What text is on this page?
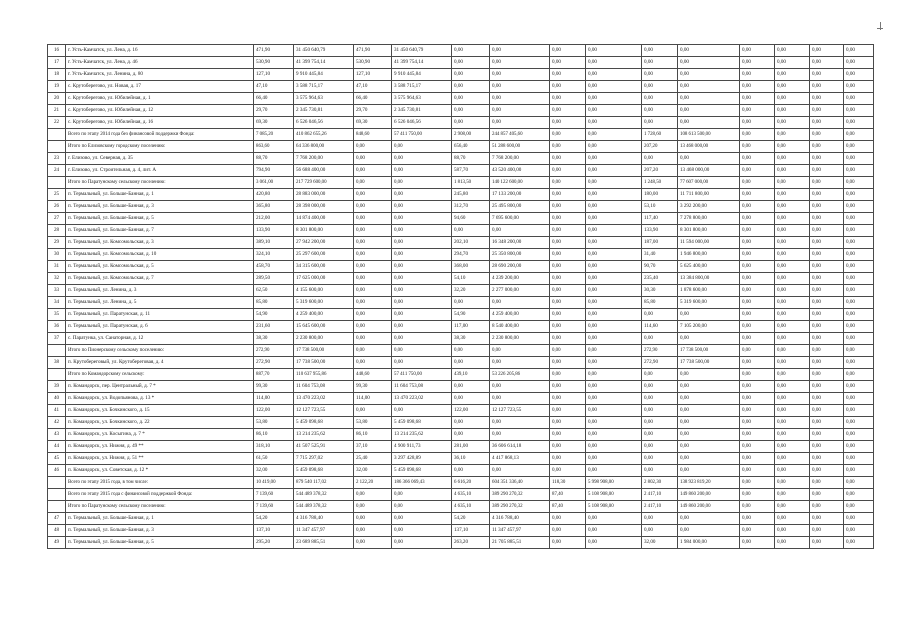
16	г. Усть-Камчатск, ул. Лена, д. 16	471,90	31 450 640,79	471,90	31 450 640,79	0,00	0,00	0,00	0,00	0,00	0,00	0,00	0,00	0,00	0,00
17	г. Усть-Камчатск, ул. Лена, д. 46	530,90	41 399 754,14	530,90	41 399 754,14	0,00	0,00	0,00	0,00	0,00	0,00	0,00	0,00	0,00	0,00
18	г. Усть-Камчатск, ул. Ленина, д. 80	127,10	9 910 445,84	127,10	9 910 445,84	0,00	0,00	0,00	0,00	0,00	0,00	0,00	0,00	0,00	0,00
19	с. Крутоберегово, ул. Новая, д. 17	47,10	3 588 715,17	47,10	3 588 715,17	0,00	0,00	0,00	0,00	0,00	0,00	0,00	0,00	0,00	0,00
20	с. Крутоберегово, ул. Юбилейная, д. 1	66,40	3 575 964,63	66,40	3 575 964,63	0,00	0,00	0,00	0,00	0,00	0,00	0,00	0,00	0,00	0,00
21	с. Крутоберегово, ул. Юбилейная, д. 12	29,70	2 345 730,81	29,70	2 345 730,81	0,00	0,00	0,00	0,00	0,00	0,00	0,00	0,00	0,00	0,00
22	с. Крутоберегово, ул. Юбилейная, д. 16	69,30	6 526 046,56	69,30	6 526 046,56	0,00	0,00	0,00	0,00	0,00	0,00	0,00	0,00	0,00	0,00
	Всего по этапу 2014 года без финансовой поддержки Фонда:	7 085,20	410 862 655,26	848,60	57 411 750,00	2 908,00	244 857 405,60	0,00	0,00	1 728,60	108 613 500,00	0,00	0,00	0,00	0,00
	Итого по Елизовскому городскому поселению:	863,60	64 336 800,00	0,00	0,00	656,40	51 288 600,00	0,00	0,00	207,20	13 468 000,00	0,00	0,00	0,00	0,00
23	г. Елизово, ул. Северная, д. 35	88,70	7 768 200,00	0,00	0,00	88,70	7 768 200,00	0,00	0,00	0,00	0,00	0,00	0,00	0,00	0,00
24	г. Елизово, ул. Строительная, д. 4, лит. А	794,90	56 688 400,00	0,00	0,00	587,70	43 520 400,00	0,00	0,00	207,20	13 468 000,00	0,00	0,00	0,00	0,00
	Итого по Паратунскому сельскому поселению:	3 061,00	217 729 600,00	0,00	0,00	1 813,50	140 122 600,00	0,00	0,00	1 248,50	77 607 000,00	0,00	0,00	0,00	0,00
25	п. Термальный, ул. Больше-Банная, д. 1	420,80	28 883 000,00	0,00	0,00	245,80	17 133 200,00	0,00	0,00	180,00	11 711 800,00	0,00	0,00	0,00	0,00
26	п. Термальный, ул. Больше-Банная, д. 3	365,80	28 398 000,00	0,00	0,00	312,70	25 495 800,00	0,00	0,00	53,10	3 292 200,00	0,00	0,00	0,00	0,00
27	п. Термальный, ул. Больше-Банная, д. 5	212,00	14 874 400,00	0,00	0,00	94,60	7 695 600,00	0,00	0,00	117,40	7 278 800,00	0,00	0,00	0,00	0,00
28	п. Термальный, ул. Больше-Банная, д. 7	133,90	8 301 800,00	0,00	0,00	0,00	0,00	0,00	0,00	133,90	8 301 800,00	0,00	0,00	0,00	0,00
29	п. Термальный, ул. Комсомольская, д. 3	389,10	27 942 200,00	0,00	0,00	202,10	16 348 200,00	0,00	0,00	187,00	11 594 000,00	0,00	0,00	0,00	0,00
30	п. Термальный, ул. Комсомольская, д. 10	324,10	25 297 600,00	0,00	0,00	294,70	25 350 800,00	0,00	0,00	31,40	1 946 800,00	0,00	0,00	0,00	0,00
31	п. Термальный, ул. Комсомольская, д. 5	458,70	34 315 600,00	0,00	0,00	368,00	28 690 200,00	0,00	0,00	90,70	5 625 400,00	0,00	0,00	0,00	0,00
32	п. Термальный, ул. Комсомольская, д. 7	289,50	17 625 000,00	0,00	0,00	54,10	4 239 200,00	0,00	0,00	235,40	13 384 800,00	0,00	0,00	0,00	0,00
33	п. Термальный, ул. Ленина, д. 3	62,50	4 155 600,00	0,00	0,00	32,20	2 277 000,00	0,00	0,00	30,30	1 878 600,00	0,00	0,00	0,00	0,00
34	п. Термальный, ул. Ленина, д. 5	85,80	5 319 600,00	0,00	0,00	0,00	0,00	0,00	0,00	85,80	5 319 600,00	0,00	0,00	0,00	0,00
35	п. Термальный, ул. Паратунская, д. 11	54,90	4 259 400,00	0,00	0,00	54,90	4 259 400,00	0,00	0,00	0,00	0,00	0,00	0,00	0,00	0,00
36	п. Термальный, ул. Паратунская, д. 6	231,60	15 645 600,00	0,00	0,00	117,00	8 540 400,00	0,00	0,00	114,60	7 105 200,00	0,00	0,00	0,00	0,00
37	с. Паратунка, ул. Санаторная, д. 12	38,30	2 230 800,00	0,00	0,00	38,30	2 230 800,00	0,00	0,00	0,00	0,00	0,00	0,00	0,00	0,00
	Итого по Пионерскому сельскому поселению:	272,90	17 738 500,00	0,00	0,00	0,00	0,00	0,00	0,00	272,90	17 738 500,00	0,00	0,00	0,00	0,00
38	п. Крутобереговый, ул. Крутобереговая, д. 4	272,90	17 738 500,00	0,00	0,00	0,00	0,00	0,00	0,00	272,90	17 738 500,00	0,00	0,00	0,00	0,00
	Итого по Командорскому сельскому:	887,70	110 637 955,86	448,60	57 411 750,00	439,10	53 226 205,86	0,00	0,00	0,00	0,00	0,00	0,00	0,00	0,00
39	п. Командорск, пер. Центральный, д. 7 *	99,30	11 604 753,08	99,30	11 604 753,08	0,00	0,00	0,00	0,00	0,00	0,00	0,00	0,00	0,00	0,00
40	п. Командорск, ул. Водопьянова, д. 13 *	114,00	13 470 223,02	114,00	13 470 223,02	0,00	0,00	0,00	0,00	0,00	0,00	0,00	0,00	0,00	0,00
41	п. Командорск, ул. Бочкинского, д. 15	122,00	12 127 723,55	0,00	0,00	122,00	12 127 723,55	0,00	0,00	0,00	0,00	0,00	0,00	0,00	0,00
42	п. Командорск, ул. Бочкинского, д. 22	53,80	5 459 098,68	53,80	5 459 098,68	0,00	0,00	0,00	0,00	0,00	0,00	0,00	0,00	0,00	0,00
43	п. Командорск, ул. Косыгина, д. 7 *	86,10	13 214 235,62	86,10	13 214 235,62	0,00	0,00	0,00	0,00	0,00	0,00	0,00	0,00	0,00	0,00
44	п. Командорск, ул. Нижня, д. 49 **	318,10	41 507 525,91	37,10	4 900 911,73	281,00	36 606 614,18	0,00	0,00	0,00	0,00	0,00	0,00	0,00	0,00
45	п. Командорск, ул. Нижня, д. 51 **	61,50	7 715 297,02	25,40	3 297 428,89	36,10	4 417 868,13	0,00	0,00	0,00	0,00	0,00	0,00	0,00	0,00
46	п. Командорск, ул. Советская, д. 12 *	32,00	5 459 098,68	32,00	5 459 098,68	0,00	0,00	0,00	0,00	0,00	0,00	0,00	0,00	0,00	0,00
	Всего по этапу 2015 года, в том числе:	10 419,00	879 540 117,02	2 122,20	186 366 069,43	6 616,20	604 351 336,40	118,30	5 998 908,00	2 802,30	138 923 819,20	0,00	0,00	0,00	0,00
	Всего по этапу 2015 года с финансовой поддержкой Фонда:	7 139,60	544 489 378,32	0,00	0,00	4 635,10	389 290 270,32	87,40	5 108 908,00	2 417,10	149 860 200,00	0,00	0,00	0,00	0,00
	Итого по Паратунскому сельскому поселению:	7 139,60	544 489 378,32	0,00	0,00	4 635,10	389 290 270,32	87,40	5 108 908,00	2 417,10	149 860 200,00	0,00	0,00	0,00	0,00
47	п. Термальный, ул. Больше-Банная, д. 1	54,20	4 316 788,40	0,00	0,00	54,20	4 316 788,40	0,00	0,00	0,00	0,00	0,00	0,00	0,00	0,00
48	п. Термальный, ул. Больше-Банная, д. 3	137,10	11 347 457,97	0,00	0,00	137,10	11 347 457,97	0,00	0,00	0,00	0,00	0,00	0,00	0,00	0,00
49	п. Термальный, ул. Больше-Банная, д. 5	295,20	23 689 885,51	0,00	0,00	263,20	21 705 885,51	0,00	0,00	32,00	1 984 000,00	0,00	0,00	0,00	0,00
